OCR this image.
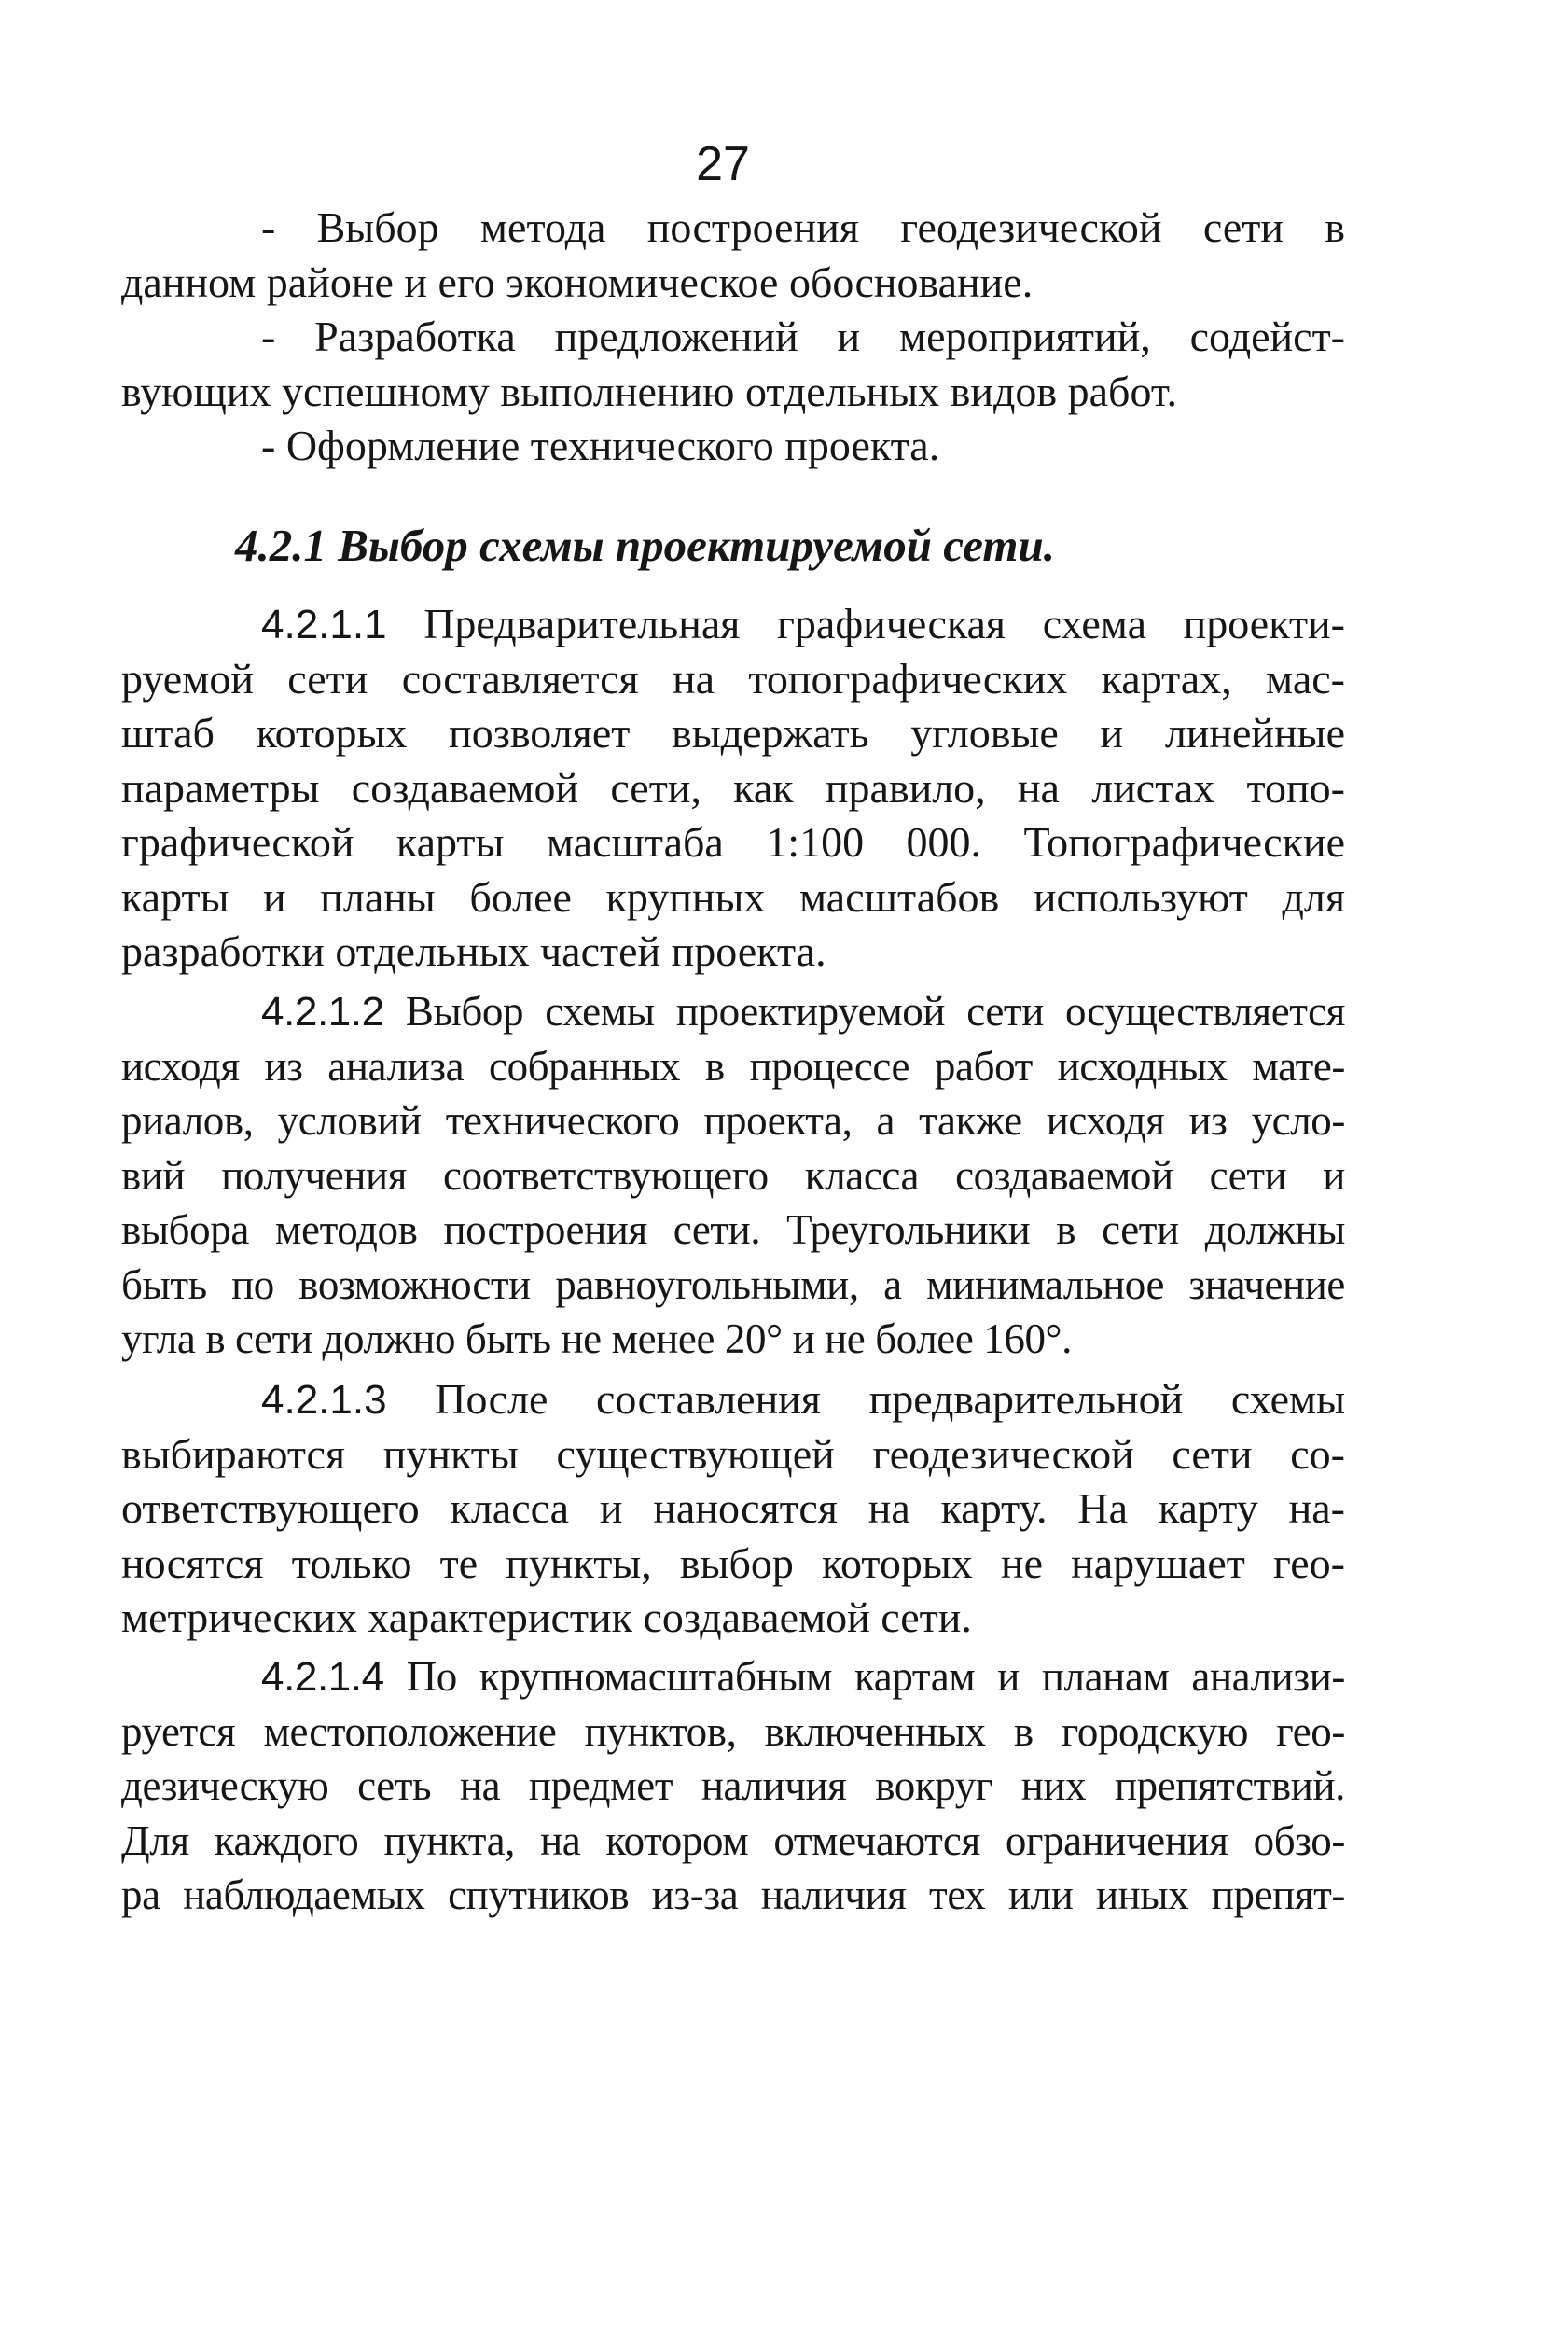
27
- Выбор метода построения геодезической сети в
данном районе и его экономическое обоснование.
- Разработка предложений и мероприятий, содейст-
вующих успешному выполнению отдельных видов работ.
- Оформление технического проекта.
4.2.1 Выбор схемы проектируемой сети.
4.2.1.1 Предварительная графическая схема проекти-
руемой сети составляется на топографических картах, мас-
штаб которых позволяет выдержать угловые и линейные
параметры создаваемой сети, как правило, на листах топо-
графической карты масштаба 1:100 000. Топографические
карты и планы более крупных масштабов используют для
разработки отдельных частей проекта.
4.2.1.2 Выбор схемы проектируемой сети осуществляется
исходя из анализа собранных в процессе работ исходных мате-
риалов, условий технического проекта, а также исходя из усло-
вий получения соответствующего класса создаваемой сети и
выбора методов построения сети. Треугольники в сети должны
быть по возможности равноугольными, а минимальное значение
угла в сети должно быть не менее 20° и не более 160°.
4.2.1.3 После составления предварительной схемы
выбираются пункты существующей геодезической сети со-
ответствующего класса и наносятся на карту. На карту на-
носятся только те пункты, выбор которых не нарушает гео-
метрических характеристик создаваемой сети.
4.2.1.4 По крупномасштабным картам и планам анализи-
руется местоположение пунктов, включенных в городскую гео-
дезическую сеть на предмет наличия вокруг них препятствий.
Для каждого пункта, на котором отмечаются ограничения обзо-
ра наблюдаемых спутников из-за наличия тех или иных препят-
